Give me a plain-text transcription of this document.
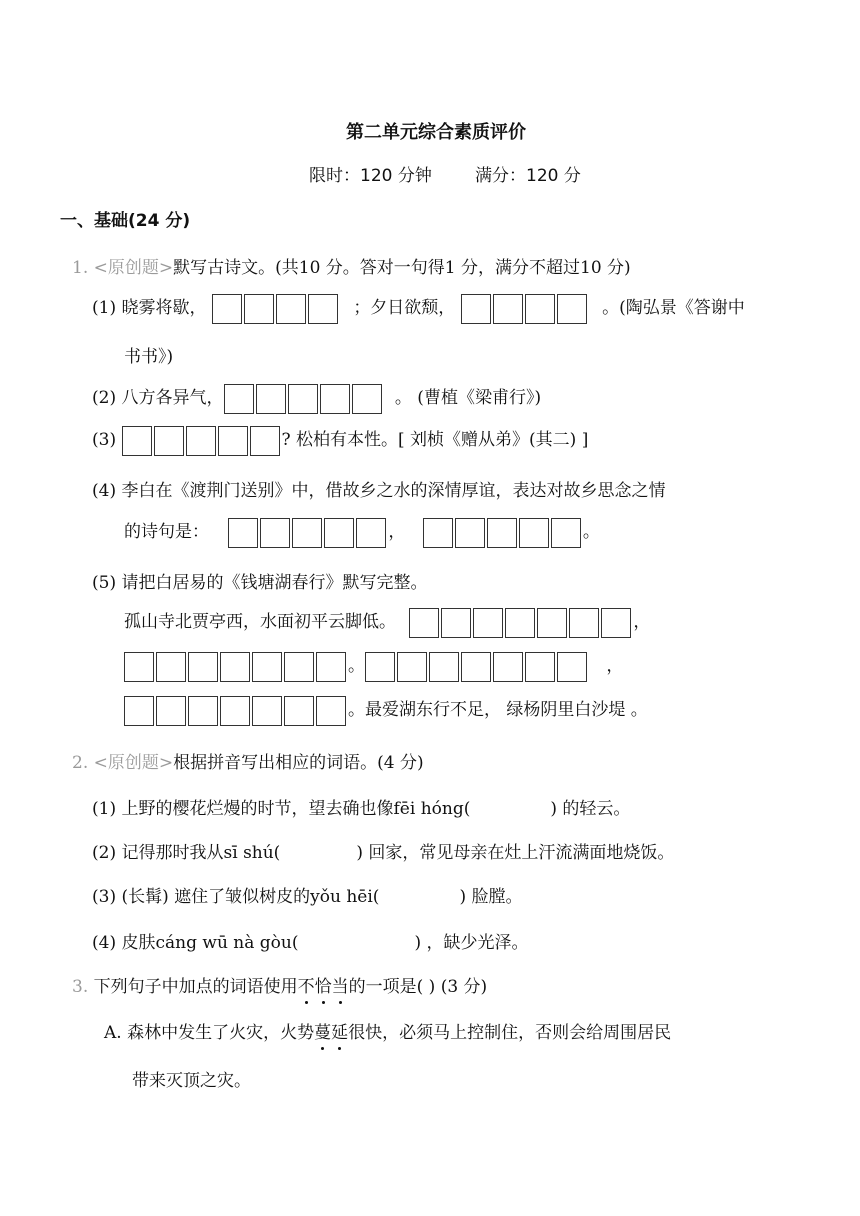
第二单元综合素质评价
限时：120 分钟	满分：120 分
一、基础(24 分)
1. <原创题>默写古诗文。(共10 分。答对一句得1 分，满分不超过10 分)
(1) 晓雾将歇，	；夕日欲颓，	。(陶弘景《答谢中
书书》)
(2) 八方各异气，	。 (曹植《梁甫行》)
(3)	? 松柏有本性。[ 刘桢《赠从弟》(其二) ]
(4) 李白在《渡荆门送别》中，借故乡之水的深情厚谊，表达对故乡思念之情
的诗句是：	，	。
(5) 请把白居易的《钱塘湖春行》默写完整。
孤山寺北贾亭西，水面初平云脚低。	，
。	，
。最爱湖东行不足， 绿杨阴里白沙堤 。
2. <原创题>根据拼音写出相应的词语。(4 分)
(1) 上野的樱花烂熳的时节，望去确也像fēi hóng(	) 的轻云。
(2) 记得那时我从sī shú(	) 回家，常见母亲在灶上汗流满面地烧饭。
(3) (长髯) 遮住了皱似树皮的yǒu hēi(	) 脸膛。
(4) 皮肤cáng wū nà gòu(	) ，缺少光泽。
3. 下列句子中加点的词语使用不恰当的一项是( ) (3 分)
A. 森林中发生了火灾，火势蔓延很快，必须马上控制住，否则会给周围居民
带来灭顶之灾。
